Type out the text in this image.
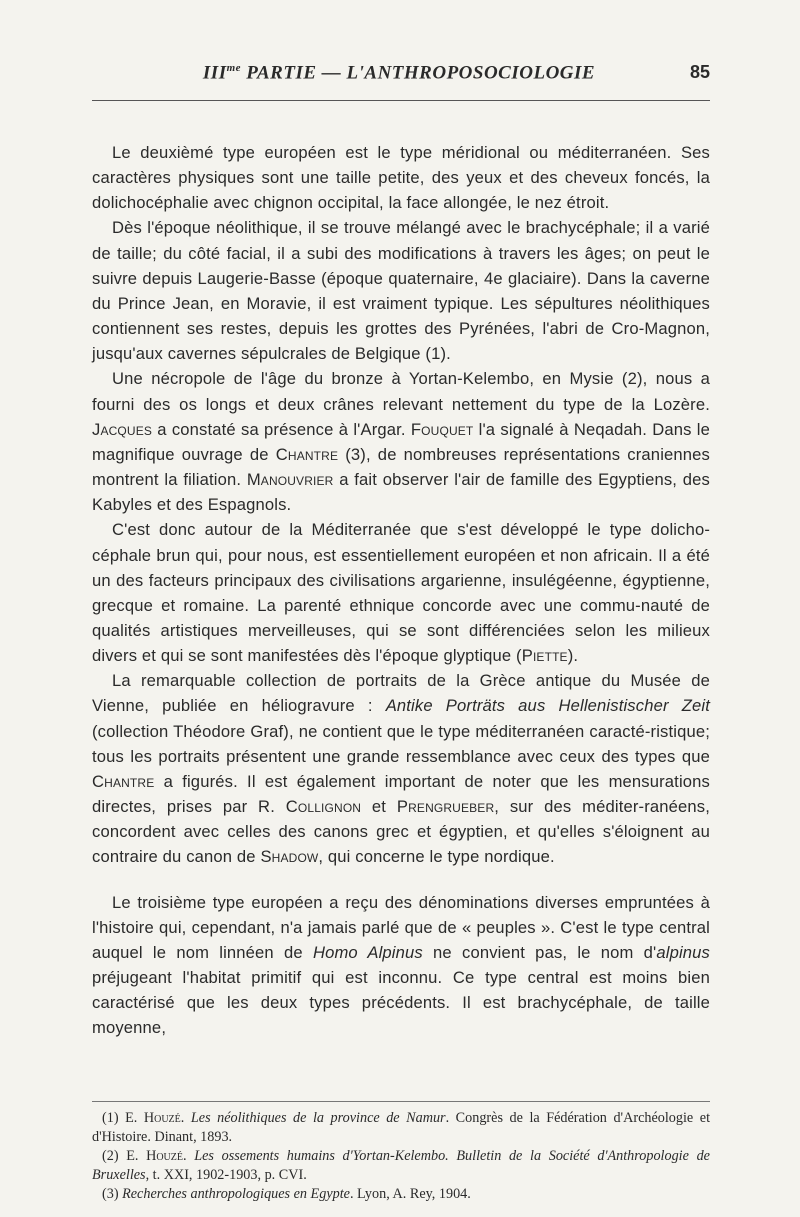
$III^{me}$ PARTIE — L'ANTHROPOSOCIOLOGIE	85

Le deuxièmé type européen est le type méridional ou méditerranéen. Ses caractères physiques sont une taille petite, des yeux et des cheveux foncés, la dolichocéphalie avec chignon occipital, la face allongée, le nez étroit.

Dès l'époque néolithique, il se trouve mélangé avec le brachycéphale; il a varié de taille; du côté facial, il a subi des modifications à travers les âges; on peut le suivre depuis Laugerie-Basse (époque quaternaire, 4e glaciaire). Dans la caverne du Prince Jean, en Moravie, il est vraiment typique. Les sépultures néolithiques contiennent ses restes, depuis les grottes des Pyrénées, l'abri de Cro-Magnon, jusqu'aux cavernes sépulcrales de Belgique (1).

Une nécropole de l'âge du bronze à Yortan-Kelembo, en Mysie (2), nous a fourni des os longs et deux crânes relevant nettement du type de la Lozère. Jacques a constaté sa présence à l'Argar. Fouquet l'a signalé à Neqadah. Dans le magnifique ouvrage de Chantre (3), de nombreuses représentations craniennes montrent la filiation. Manouvrier a fait observer l'air de famille des Egyptiens, des Kabyles et des Espagnols.

C'est donc autour de la Méditerranée que s'est développé le type dolicho-céphale brun qui, pour nous, est essentiellement européen et non africain. Il a été un des facteurs principaux des civilisations argarienne, insulégéenne, égyptienne, grecque et romaine. La parenté ethnique concorde avec une commu-nauté de qualités artistiques merveilleuses, qui se sont différenciées selon les milieux divers et qui se sont manifestées dès l'époque glyptique (Piette).

La remarquable collection de portraits de la Grèce antique du Musée de Vienne, publiée en héliogravure : Antike Porträts aus Hellenistischer Zeit (collection Théodore Graf), ne contient que le type méditerranéen caracté-ristique; tous les portraits présentent une grande ressemblance avec ceux des types que Chantre a figurés. Il est également important de noter que les mensurations directes, prises par R. Collignon et Prengrueber, sur des méditer-ranéens, concordent avec celles des canons grec et égyptien, et qu'elles s'éloignent au contraire du canon de Shadow, qui concerne le type nordique.

Le troisième type européen a reçu des dénominations diverses empruntées à l'histoire qui, cependant, n'a jamais parlé que de « peuples ». C'est le type central auquel le nom linnéen de Homo Alpinus ne convient pas, le nom d'alpinus préjugeant l'habitat primitif qui est inconnu. Ce type central est moins bien caractérisé que les deux types précédents. Il est brachycéphale, de taille moyenne,

(1) E. Houzé. Les néolithiques de la province de Namur. Congrès de la Fédération d'Archéologie et d'Histoire. Dinant, 1893.

(2) E. Houzé. Les ossements humains d'Yortan-Kelembo. Bulletin de la Société d'Anthropologie de Bruxelles, t. XXI, 1902-1903, p. CVI.

(3) Recherches anthropologiques en Egypte. Lyon, A. Rey, 1904.
